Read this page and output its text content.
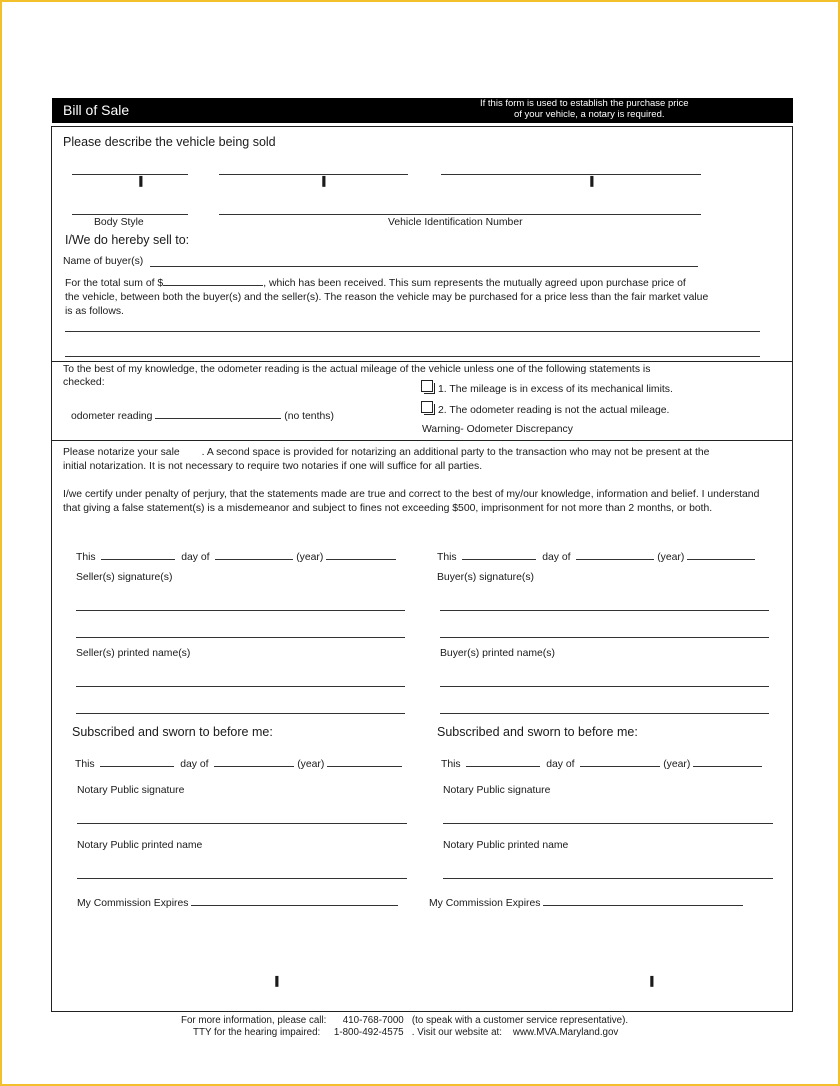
Bill of Sale	If this form is used to establish the purchase price
of your vehicle, a notary is required.
Please describe the vehicle being sold
▐	▐	▐
Body Style	Vehicle Identification Number
I/We do hereby sell to:
Name of buyer(s)
For the total sum of $	, which has been received. This sum represents the mutually agreed upon purchase price of
the vehicle, between both the buyer(s) and the seller(s). The reason the vehicle may be purchased for a price less than the fair market value
is as follows.
To the best of my knowledge, the odometer reading is the actual mileage of the vehicle unless one of the following statements is
checked:
odometer reading	(no tenths)
1. The mileage is in excess of its mechanical limits.
2. The odometer reading is not the actual mileage.
Warning- Odometer Discrepancy
Please notarize your sale . A second space is provided for notarizing an additional party to the transaction who may not be present at the
initial notarization. It is not necessary to require two notaries if one will suffice for all parties.
I/we certify under penalty of perjury, that the statements made are true and correct to the best of my/our knowledge, information and belief. I understand that giving a false statement(s) is a misdemeanor and subject to fines not exceeding $500, imprisonment for not more than 2 months, or both.
This	day of	(year)
Seller(s) signature(s)
Seller(s) printed name(s)
This	day of	(year)
Buyer(s) signature(s)
Buyer(s) printed name(s)
Subscribed and sworn to before me:
This	day of	(year)
Notary Public signature
Notary Public printed name
My Commission Expires
Subscribed and sworn to before me:
This	day of	(year)
Notary Public signature
Notary Public printed name
My Commission Expires
▐	▐
For more information, please call: 410-768-7000 (to speak with a customer service representative).
TTY for the hearing impaired: 1-800-492-4575 . Visit our website at: www.MVA.Maryland.gov
